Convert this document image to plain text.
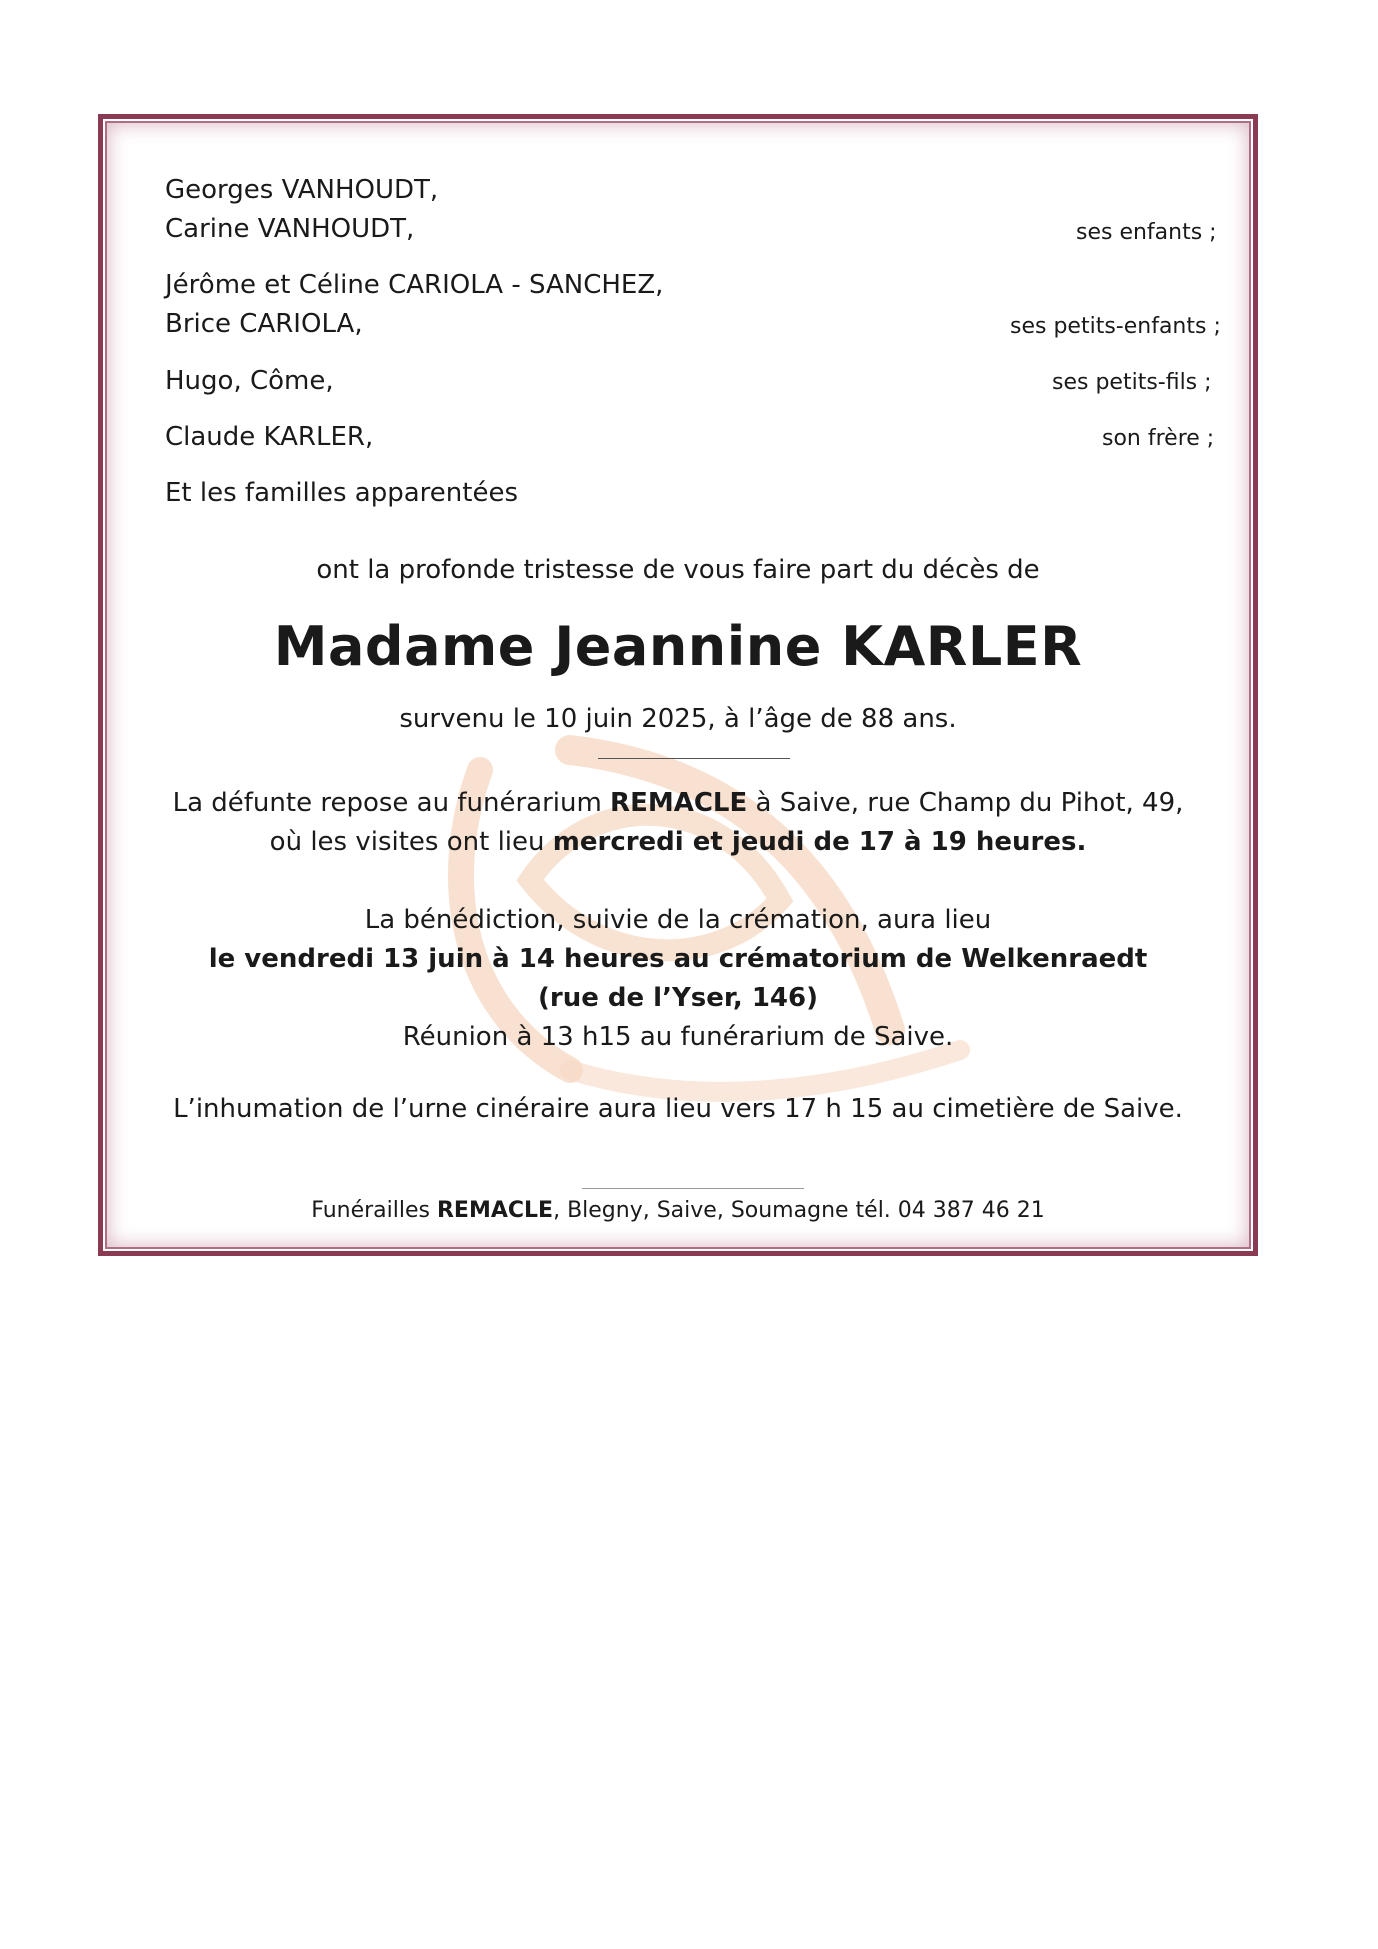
Georges VANHOUDT,
Carine VANHOUDT,	ses enfants ;
Jérôme et Céline CARIOLA - SANCHEZ,
Brice CARIOLA,	ses petits-enfants ;
Hugo, Côme,	ses petits-fils ;
Claude KARLER,	son frère ;
Et les familles apparentées
ont la profonde tristesse de vous faire part du décès de
Madame Jeannine KARLER
survenu le 10 juin 2025, à l’âge de 88 ans.
La défunte repose au funérarium REMACLE à Saive, rue Champ du Pihot, 49,
où les visites ont lieu mercredi et jeudi de 17 à 19 heures.
La bénédiction, suivie de la crémation, aura lieu
le vendredi 13 juin à 14 heures au crématorium de Welkenraedt
(rue de l’Yser, 146)
Réunion à 13 h15 au funérarium de Saive.
L’inhumation de l’urne cinéraire aura lieu vers 17 h 15 au cimetière de Saive.
Funérailles REMACLE, Blegny, Saive, Soumagne tél. 04 387 46 21
